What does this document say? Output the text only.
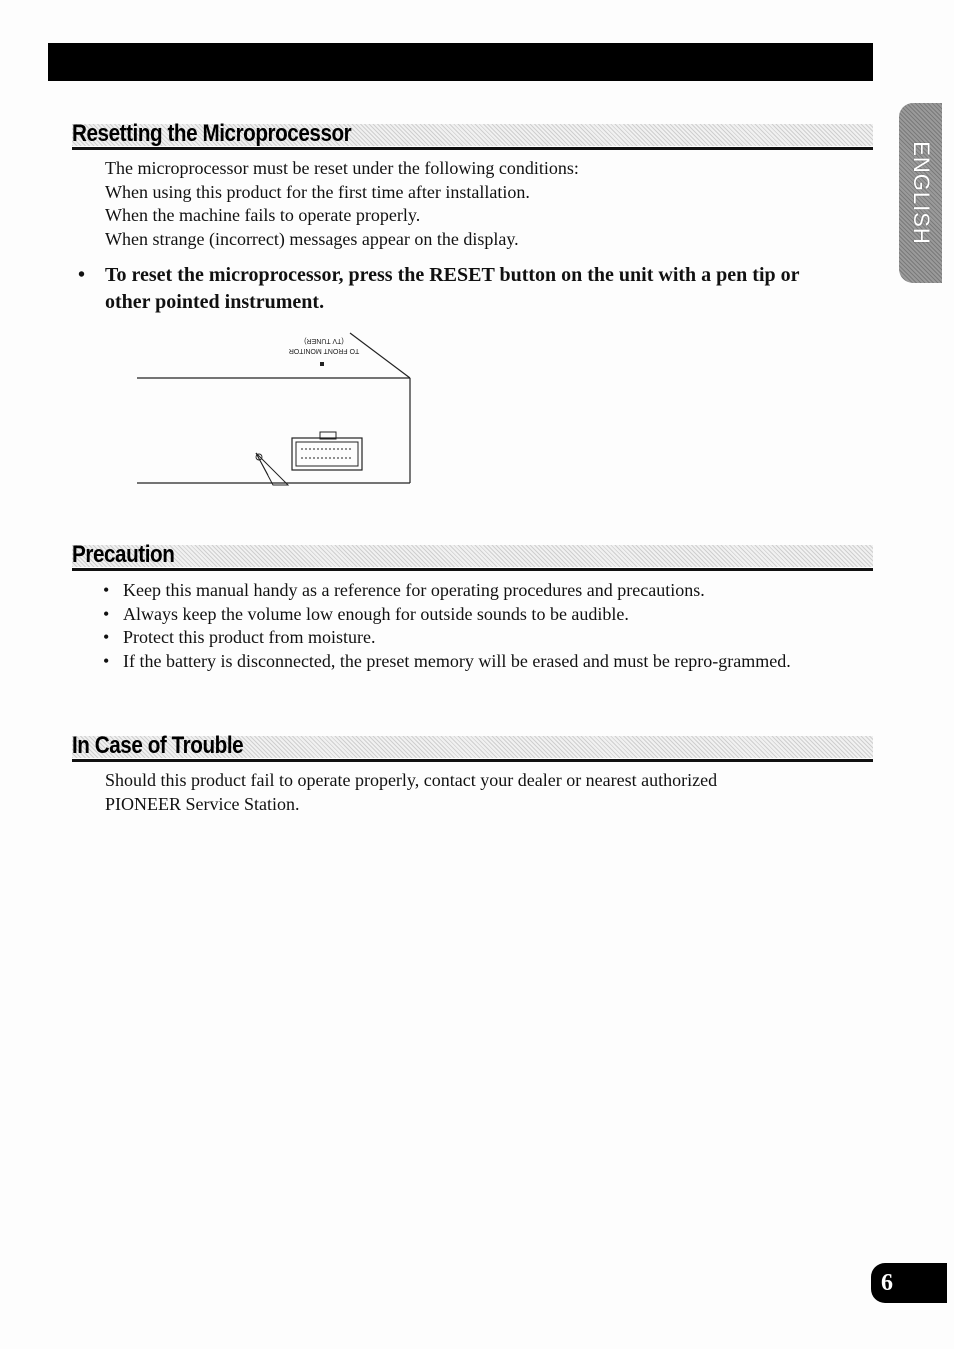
ENGLISH
Resetting the Microprocessor

The microprocessor must be reset under the following conditions:

When using this product for the first time after installation.

When the machine fails to operate properly.

When strange (incorrect) messages appear on the display.

• To reset the microprocessor, press the RESET button on the unit with a pen tip or other pointed instrument.
(TV TUNER)
TO FRONT MONITOR
Precaution
• Keep this manual handy as a reference for operating procedures and precautions.
• Always keep the volume low enough for outside sounds to be audible.
• Protect this product from moisture.
• If the battery is disconnected, the preset memory will be erased and must be repro-grammed.
In Case of Trouble

Should this product fail to operate properly, contact your dealer or nearest authorized

PIONEER Service Station.

6
